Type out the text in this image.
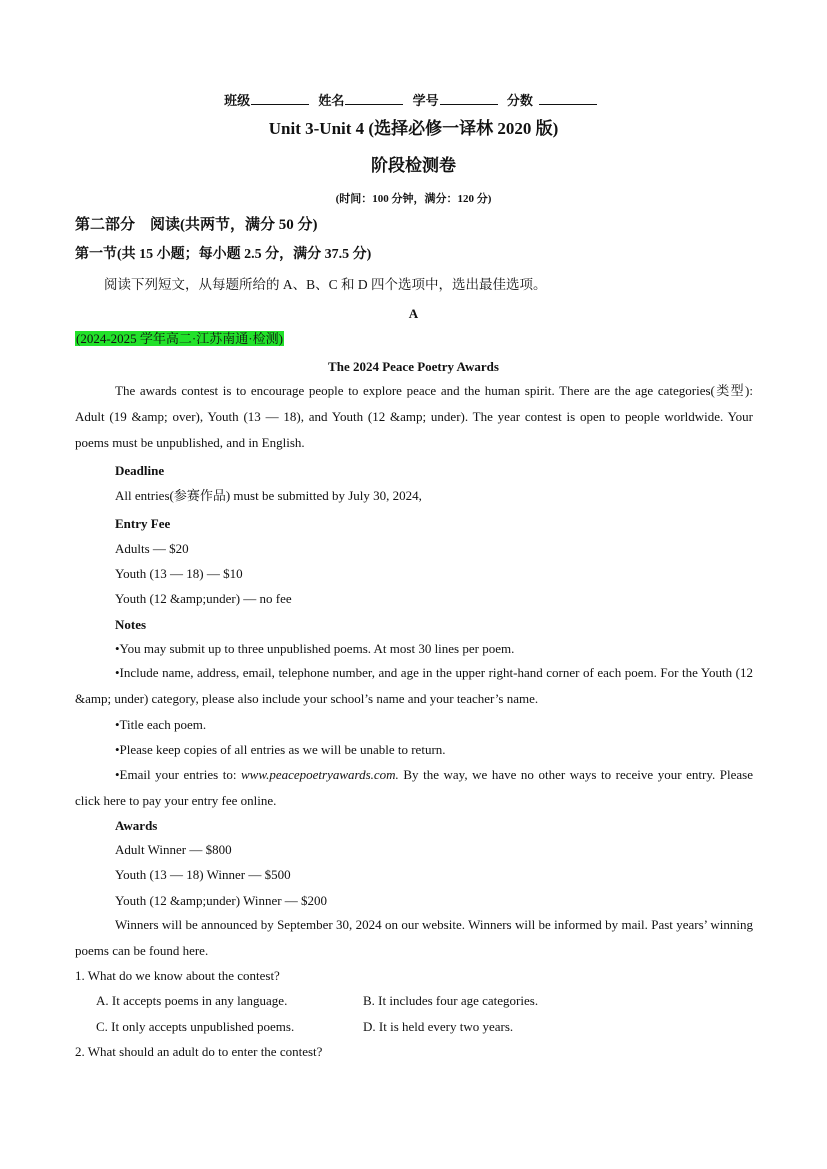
班级	姓名	学号	分数
Unit 3-Unit 4 (选择必修一译林 2020 版)
阶段检测卷
(时间：100 分钟，满分：120 分)
第二部分　阅读(共两节，满分 50 分)
第一节(共 15 小题；每小题 2.5 分，满分 37.5 分)
阅读下列短文，从每题所给的 A、B、C 和 D 四个选项中，选出最佳选项。
A
(2024-2025 学年高二·江苏南通·检测)
The 2024 Peace Poetry Awards
The awards contest is to encourage people to explore peace and the human spirit. There are the age categories(类型): Adult (19 &amp; over), Youth (13 — 18), and Youth (12 &amp; under). The year contest is open to people worldwide. Your poems must be unpublished, and in English.
Deadline
All entries(参赛作品) must be submitted by July 30, 2024,
Entry Fee
Adults — $20
Youth (13 — 18) — $10
Youth (12 &amp;under) — no fee
Notes
•You may submit up to three unpublished poems. At most 30 lines per poem.
•Include name, address, email, telephone number, and age in the upper right-hand corner of each poem. For the Youth (12 &amp; under) category, please also include your school’s name and your teacher’s name.
•Title each poem.
•Please keep copies of all entries as we will be unable to return.
•Email your entries to: www.peacepoetryawards.com. By the way, we have no other ways to receive your entry. Please click here to pay your entry fee online.
Awards
Adult Winner — $800
Youth (13 — 18) Winner — $500
Youth (12 &amp;under) Winner — $200
Winners will be announced by September 30, 2024 on our website. Winners will be informed by mail. Past years’ winning poems can be found here.
1. What do we know about the contest?
A. It accepts poems in any language.	B. It includes four age categories.
C. It only accepts unpublished poems.	D. It is held every two years.
2. What should an adult do to enter the contest?
